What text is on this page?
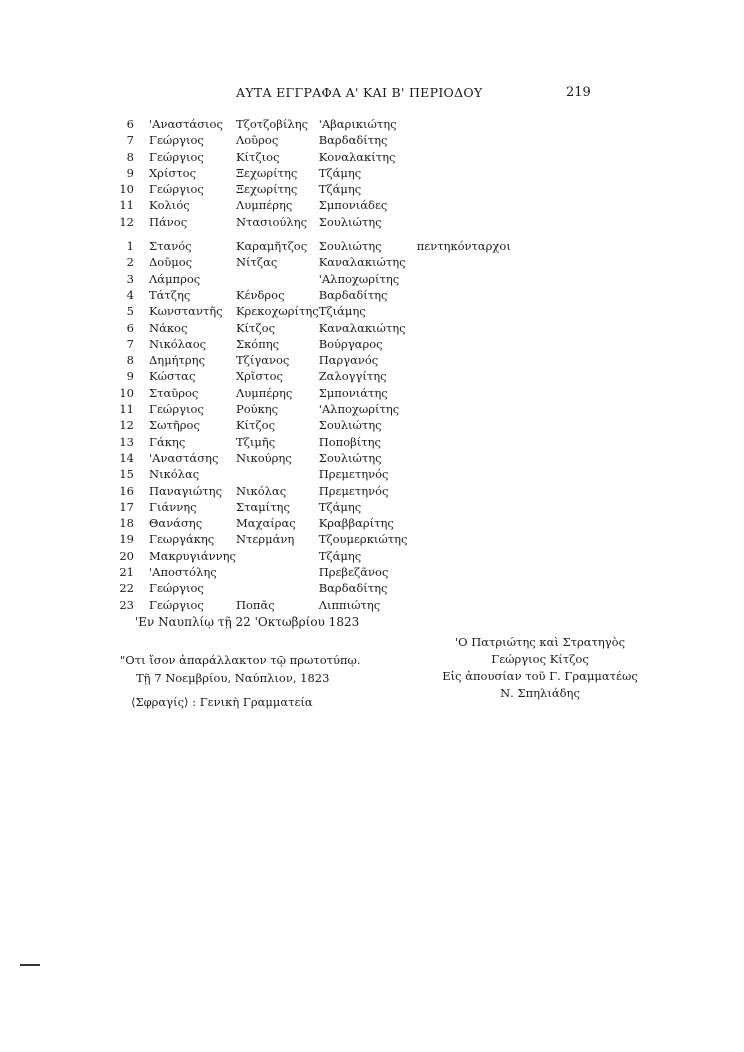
ΑΥΤΑ ΕΓΓΡΑΦΑ Α' ΚΑΙ Β' ΠΕΡΙΟΔΟΥ	219
6	'Αναστάσιος	Τζοτζοβίλης	'Αβαρικιώτης	
7	Γεώργιος	Λοῦρος	Βαρδαδίτης	
8	Γεώργιος	Κίτζιος	Κοναλακίτης	
9	Χρίστος	Ξεχωρίτης	Τζάμης	
10	Γεώργιος	Ξεχωρίτης	Τζάμης	
11	Κολιός	Λυμπέρης	Σμπονιάδες	
12	Πάνος	Ντασιούλης	Σουλιώτης	

1	Στανός	Καραμῆτζος	Σουλιώτης	πεντηκόνταρχοι
2	Δοῦμος	Νίτζας	Καναλακιώτης	
3	Λάμπρος		'Αλποχωρίτης	
4	Τάτζης	Κένδρος	Βαρδαδίτης	
5	Κωνσταντῆς	Κρεκοχωρίτης	Τζιάμης	
6	Νάκος	Κίτζος	Καναλακιώτης	
7	Νικόλαος	Σκόπης	Βούργαρος	
8	Δημήτρης	Τζίγανος	Παργανός	
9	Κώστας	Χρῖστος	Ζαλογγίτης	
10	Σταῦρος	Λυμπέρης	Σμπονιάτης	
11	Γεώργιος	Ρούκης	'Αλποχωρίτης	
12	Σωτῆρος	Κίτζος	Σουλιώτης	
13	Γάκης	Τζιμῆς	Ποποβίτης	
14	'Αναστάσης	Νικούρης	Σουλιώτης	
15	Νικόλας		Πρεμετηνός	
16	Παναγιώτης	Νικόλας	Πρεμετηνός	
17	Γιάννης	Σταμίτης	Τζάμης	
18	Θανάσης	Μαχαίρας	Κραββαρίτης	
19	Γεωργάκης	Ντερμάνη	Τζουμερκιώτης	
20	Μακρυγιάννης		Τζάμης	
21	'Αποστόλης		Πρεβεζᾶνος	
22	Γεώργιος		Βαρδαδίτης	
23	Γεώργιος	Ποπᾶς	Λιππιώτης	
'Εν Ναυπλίῳ τῇ 22 'Οκτωβρίου 1823
'Ο Πατριώτης καὶ Στρατηγὸς
Γεώργιος Κίτζος
Εἰς ἀπουσίαν τοῦ Γ. Γραμματέως
Ν. Σπηλιάδης
"Οτι ἴσον ἀπαράλλακτον τῷ πρωτοτύπῳ.
Τῇ 7 Νοεμβρίου, Ναύπλιον, 1823
⟨Σφραγίς⟩ : Γενικὴ Γραμματεία
